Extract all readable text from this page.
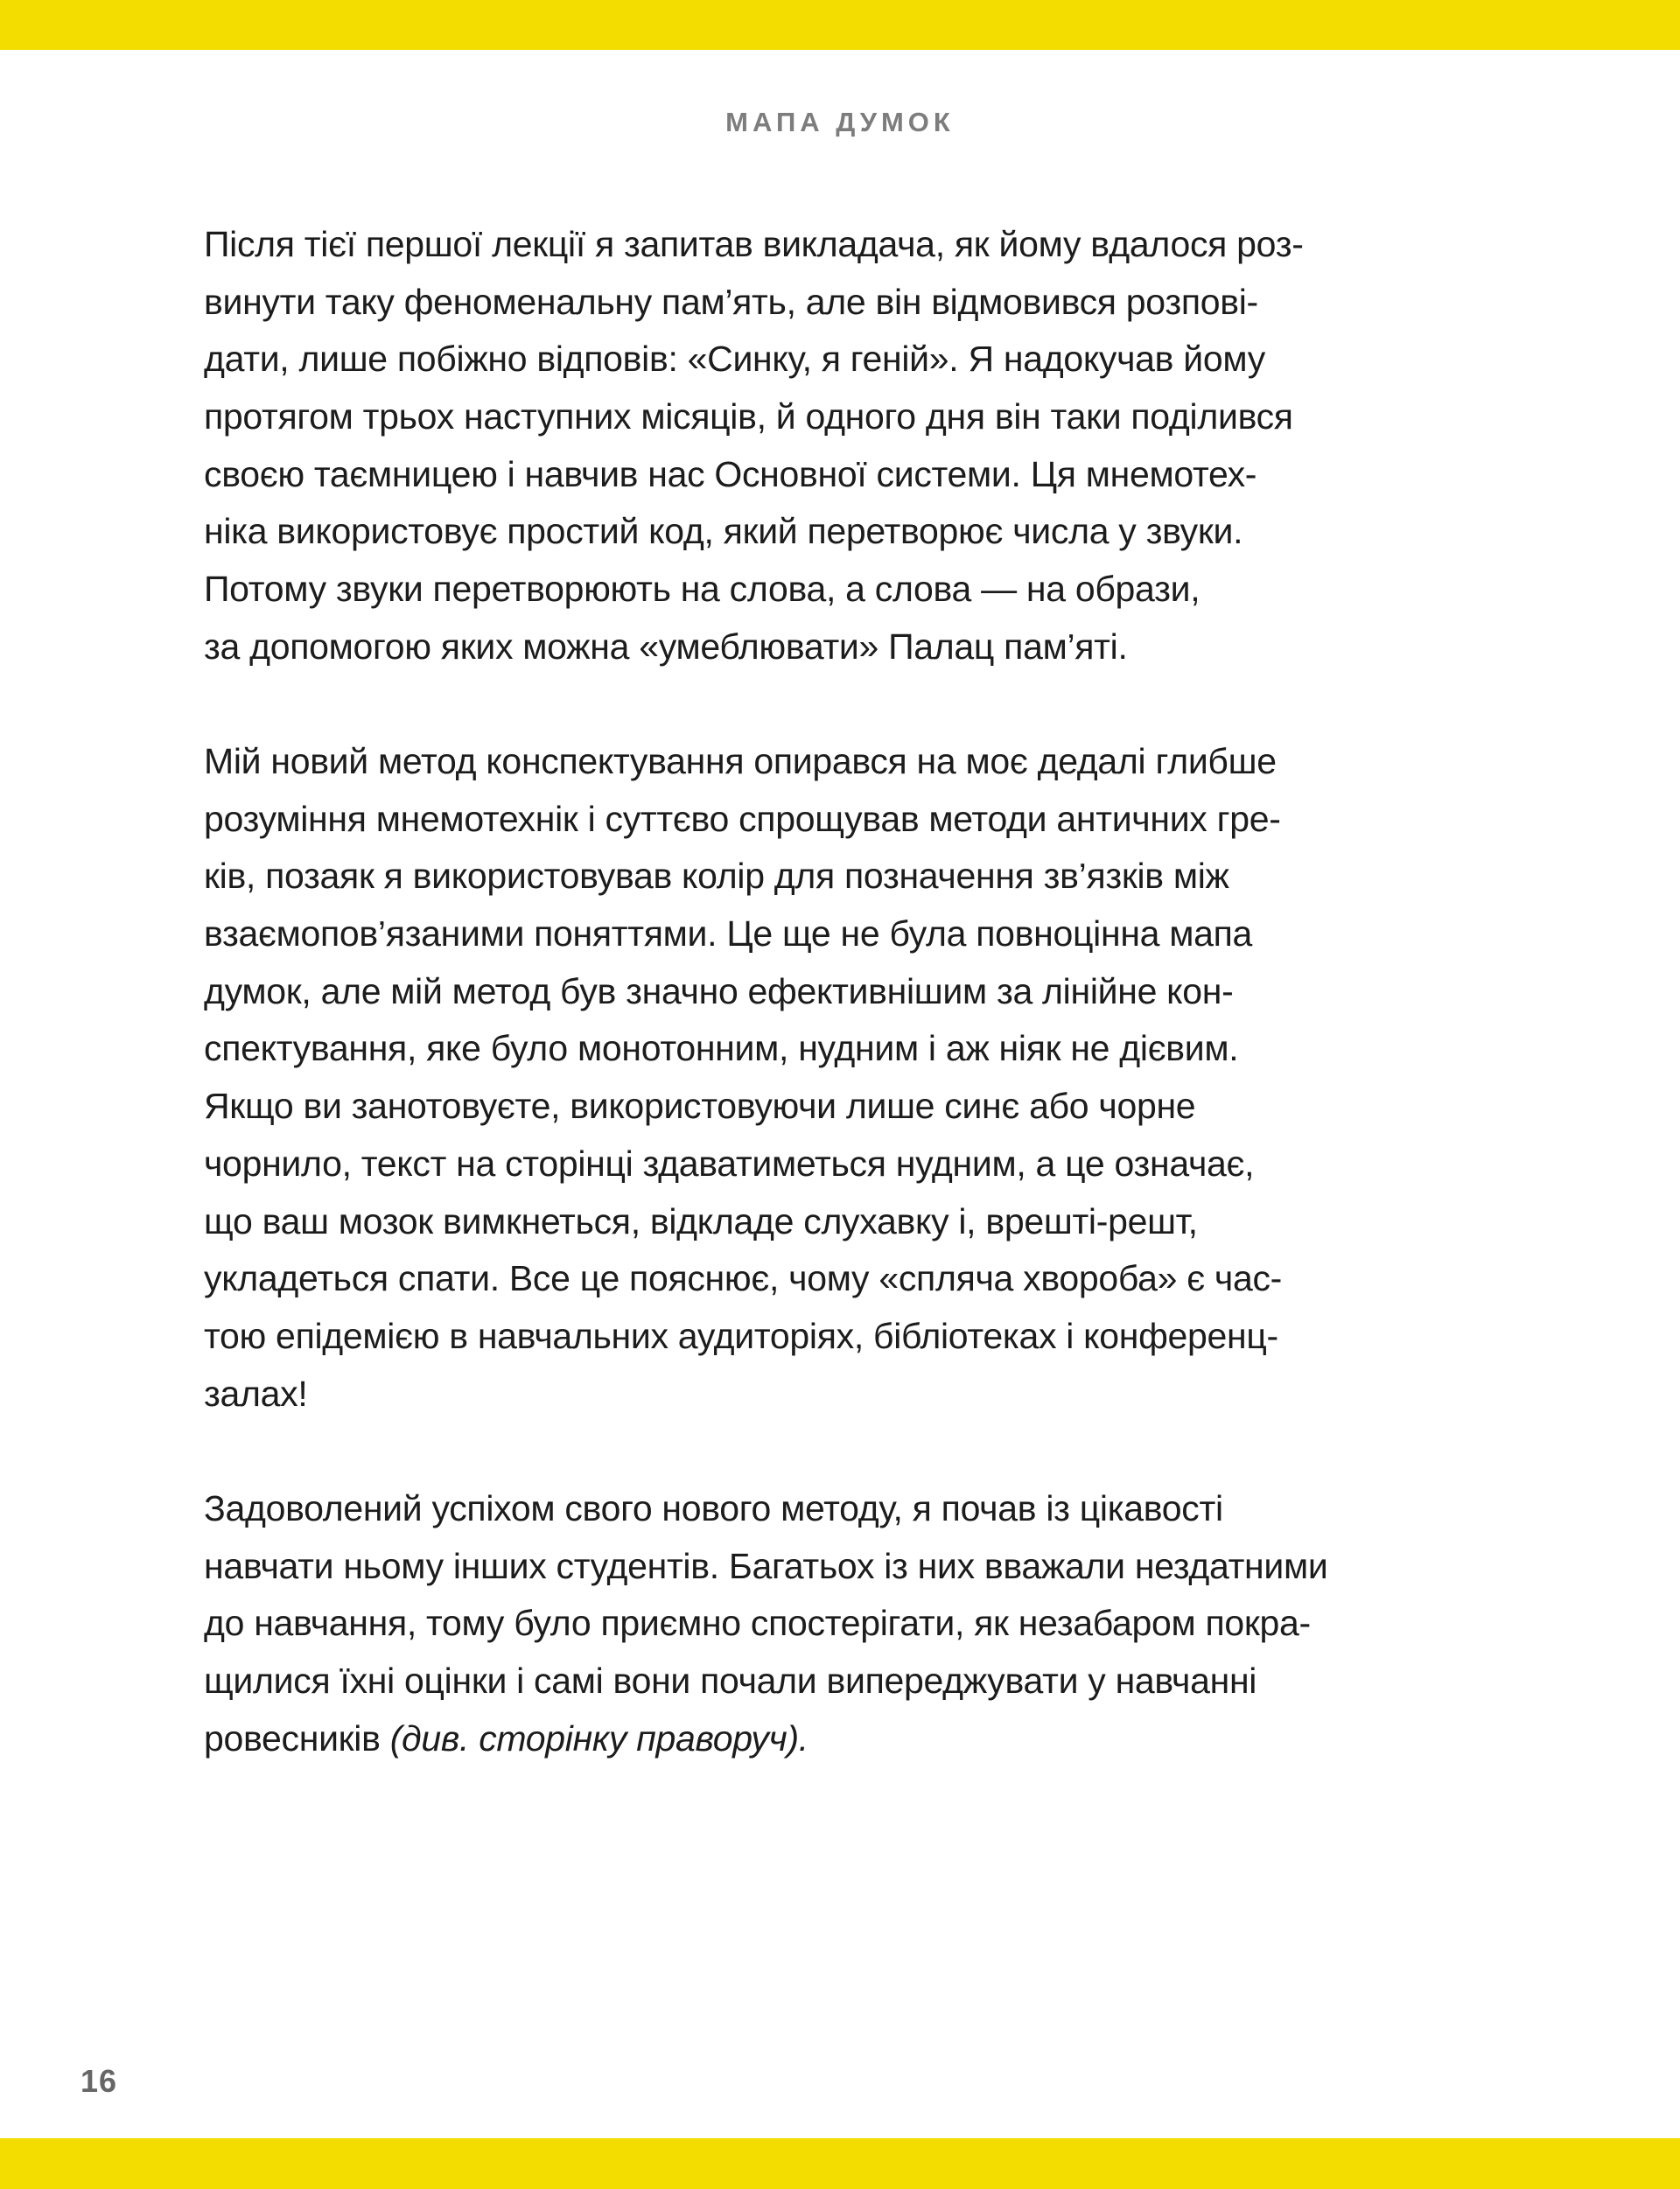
МАПА ДУМОК
Після тієї першої лекції я запитав викладача, як йому вдалося роз-
винути таку феноменальну пам’ять, але він відмовився розпові-
дати, лише побіжно відповів: «Синку, я геній». Я надокучав йому
протягом трьох наступних місяців, й одного дня він таки поділився
своєю таємницею і навчив нас Основної системи. Ця мнемотех-
ніка використовує простий код, який перетворює числа у звуки.
Потому звуки перетворюють на слова, а слова — на образи,
за допомогою яких можна «умеблювати» Палац пам’яті.
Мій новий метод конспектування опирався на моє дедалі глибше
розуміння мнемотехнік і суттєво спрощував методи античних гре-
ків, позаяк я використовував колір для позначення зв’язків між
взаємопов’язаними поняттями. Це ще не була повноцінна мапа
думок, але мій метод був значно ефективнішим за лінійне кон-
спектування, яке було монотонним, нудним і аж ніяк не дієвим.
Якщо ви занотовуєте, використовуючи лише синє або чорне
чорнило, текст на сторінці здаватиметься нудним, а це означає,
що ваш мозок вимкнеться, відкладе слухавку і, врешті-решт,
укладеться спати. Все це пояснює, чому «спляча хвороба» є час-
тою епідемією в навчальних аудиторіях, бібліотеках і конференц-
залах!
Задоволений успіхом свого нового методу, я почав із цікавості
навчати ньому інших студентів. Багатьох із них вважали нездатними
до навчання, тому було приємно спостерігати, як незабаром покра-
щилися їхні оцінки і самі вони почали випереджувати у навчанні
ровесників (див. сторінку праворуч).
16
